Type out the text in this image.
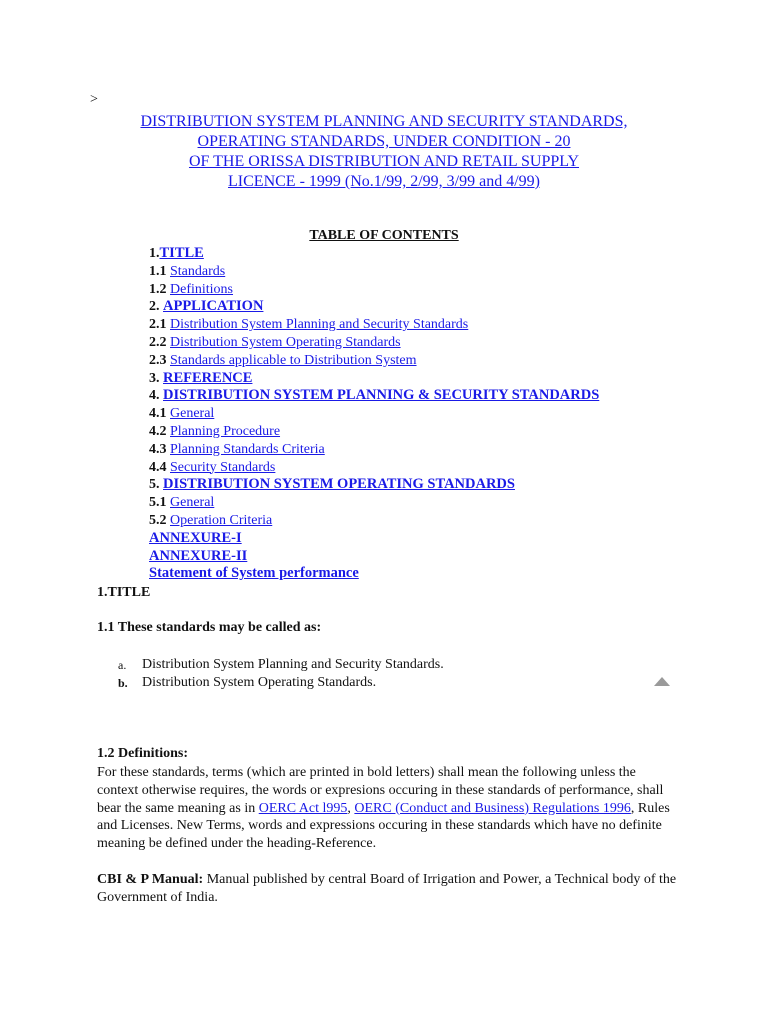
>
DISTRIBUTION SYSTEM PLANNING AND SECURITY STANDARDS,
OPERATING STANDARDS, UNDER CONDITION - 20
OF THE ORISSA DISTRIBUTION AND RETAIL SUPPLY
LICENCE - 1999 (No.1/99, 2/99, 3/99 and 4/99)
TABLE OF CONTENTS
1.TITLE
1.1 Standards
1.2 Definitions
2. APPLICATION
2.1 Distribution System Planning and Security Standards
2.2 Distribution System Operating Standards
2.3 Standards applicable to Distribution System
3. REFERENCE
4. DISTRIBUTION SYSTEM PLANNING & SECURITY STANDARDS
4.1 General
4.2 Planning Procedure
4.3 Planning Standards Criteria
4.4 Security Standards
5. DISTRIBUTION SYSTEM OPERATING STANDARDS
5.1 General
5.2 Operation Criteria
ANNEXURE-I
ANNEXURE-II
Statement of System performance
1.TITLE
1.1 These standards may be called as:
a.	Distribution System Planning and Security Standards.
b.	Distribution System Operating Standards.
1.2 Definitions:
For these standards, terms (which are printed in bold letters) shall mean the following unless the context otherwise requires, the words or expresions occuring in these standards of performance, shall bear the same meaning as in OERC Act l995, OERC (Conduct and Business) Regulations 1996, Rules and Licenses. New Terms, words and expressions occuring in these standards which have no definite meaning be defined under the heading-Reference.
CBI & P Manual: Manual published by central Board of Irrigation and Power, a Technical body of the Government of India.
